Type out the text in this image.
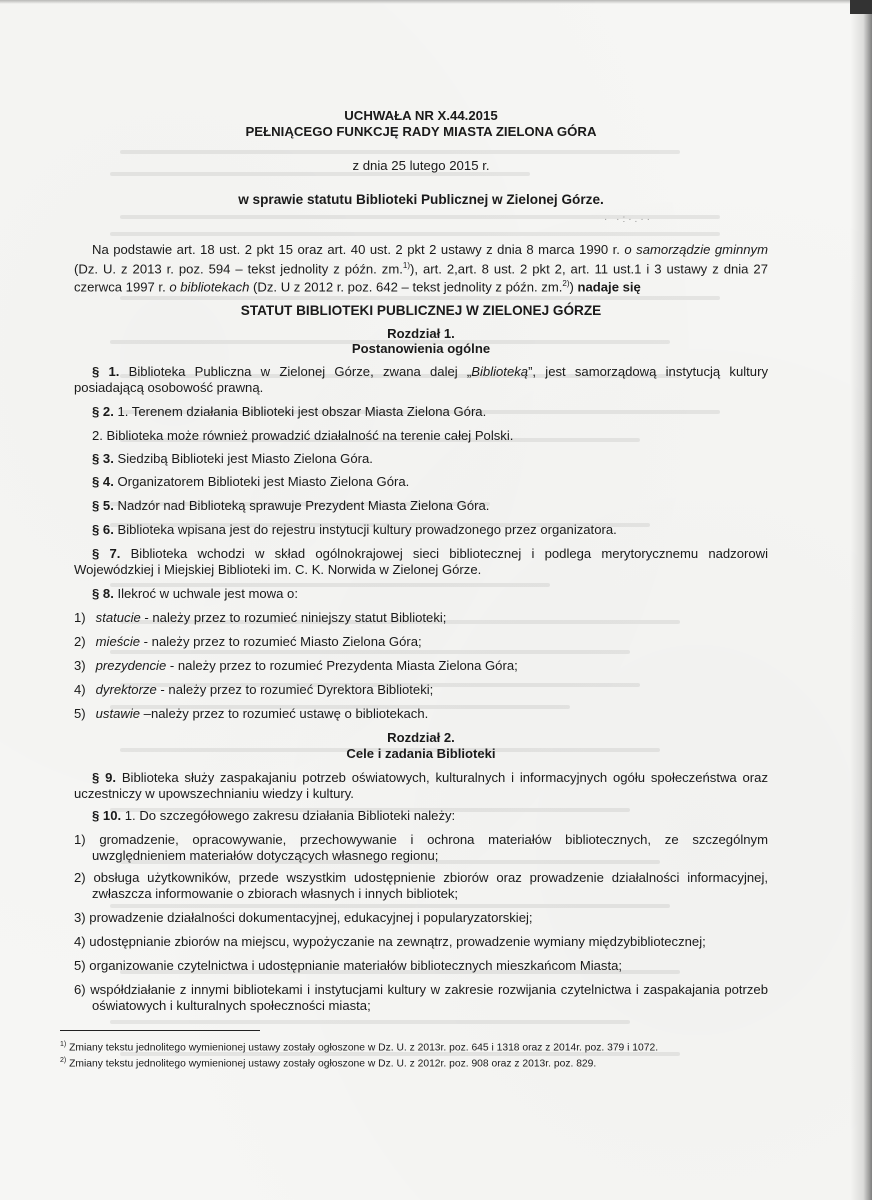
· ·:·.··
UCHWAŁA NR X.44.2015
PEŁNIĄCEGO FUNKCJĘ RADY MIASTA ZIELONA GÓRA
z dnia 25 lutego 2015 r.
w sprawie statutu Biblioteki Publicznej w Zielonej Górze.
Na podstawie art. 18 ust. 2 pkt 15 oraz art. 40 ust. 2 pkt 2 ustawy z dnia 8 marca 1990 r. o samorządzie gminnym (Dz. U. z 2013 r. poz. 594 – tekst jednolity z późn. zm.$^{1)}$), art. 2,art. 8 ust. 2 pkt 2, art. 11 ust.1 i 3 ustawy z dnia 27 czerwca 1997 r. o bibliotekach (Dz. U z 2012 r. poz. 642 – tekst jednolity z późn. zm.$^{2)}$) nadaje się
STATUT BIBLIOTEKI PUBLICZNEJ W ZIELONEJ GÓRZE
Rozdział 1.
Postanowienia ogólne
§ 1. Biblioteka Publiczna w Zielonej Górze, zwana dalej „Biblioteką”, jest samorządową instytucją kultury posiadającą osobowość prawną.
§ 2. 1. Terenem działania Biblioteki jest obszar Miasta Zielona Góra.
2. Biblioteka może również prowadzić działalność na terenie całej Polski.
§ 3. Siedzibą Biblioteki jest Miasto Zielona Góra.
§ 4. Organizatorem Biblioteki jest Miasto Zielona Góra.
§ 5. Nadzór nad Biblioteką sprawuje Prezydent Miasta Zielona Góra.
§ 6. Biblioteka wpisana jest do rejestru instytucji kultury prowadzonego przez organizatora.
§ 7. Biblioteka wchodzi w skład ogólnokrajowej sieci bibliotecznej i podlega merytorycznemu nadzorowi Wojewódzkiej i Miejskiej Biblioteki im. C. K. Norwida w Zielonej Górze.
§ 8. Ilekroć w uchwale jest mowa o:
1) statucie - należy przez to rozumieć niniejszy statut Biblioteki;
2) mieście - należy przez to rozumieć Miasto Zielona Góra;
3) prezydencie - należy przez to rozumieć Prezydenta Miasta Zielona Góra;
4) dyrektorze - należy przez to rozumieć Dyrektora Biblioteki;
5) ustawie –należy przez to rozumieć ustawę o bibliotekach.
Rozdział 2.
Cele i zadania Biblioteki
§ 9. Biblioteka służy zaspakajaniu potrzeb oświatowych, kulturalnych i informacyjnych ogółu społeczeństwa oraz uczestniczy w upowszechnianiu wiedzy i kultury.
§ 10. 1. Do szczegółowego zakresu działania Biblioteki należy:
1) gromadzenie, opracowywanie, przechowywanie i ochrona materiałów bibliotecznych, ze szczególnym uwzględnieniem materiałów dotyczących własnego regionu;
2) obsługa użytkowników, przede wszystkim udostępnienie zbiorów oraz prowadzenie działalności informacyjnej, zwłaszcza informowanie o zbiorach własnych i innych bibliotek;
3) prowadzenie działalności dokumentacyjnej, edukacyjnej i popularyzatorskiej;
4) udostępnianie zbiorów na miejscu, wypożyczanie na zewnątrz, prowadzenie wymiany międzybibliotecznej;
5) organizowanie czytelnictwa i udostępnianie materiałów bibliotecznych mieszkańcom Miasta;
6) współdziałanie z innymi bibliotekami i instytucjami kultury w zakresie rozwijania czytelnictwa i zaspakajania potrzeb oświatowych i kulturalnych społeczności miasta;
$^{1)}$ Zmiany tekstu jednolitego wymienionej ustawy zostały ogłoszone w Dz. U. z 2013r. poz. 645 i 1318 oraz z 2014r. poz. 379 i 1072.
$^{2)}$ Zmiany tekstu jednolitego wymienionej ustawy zostały ogłoszone w Dz. U. z 2012r. poz. 908 oraz z 2013r. poz. 829.
